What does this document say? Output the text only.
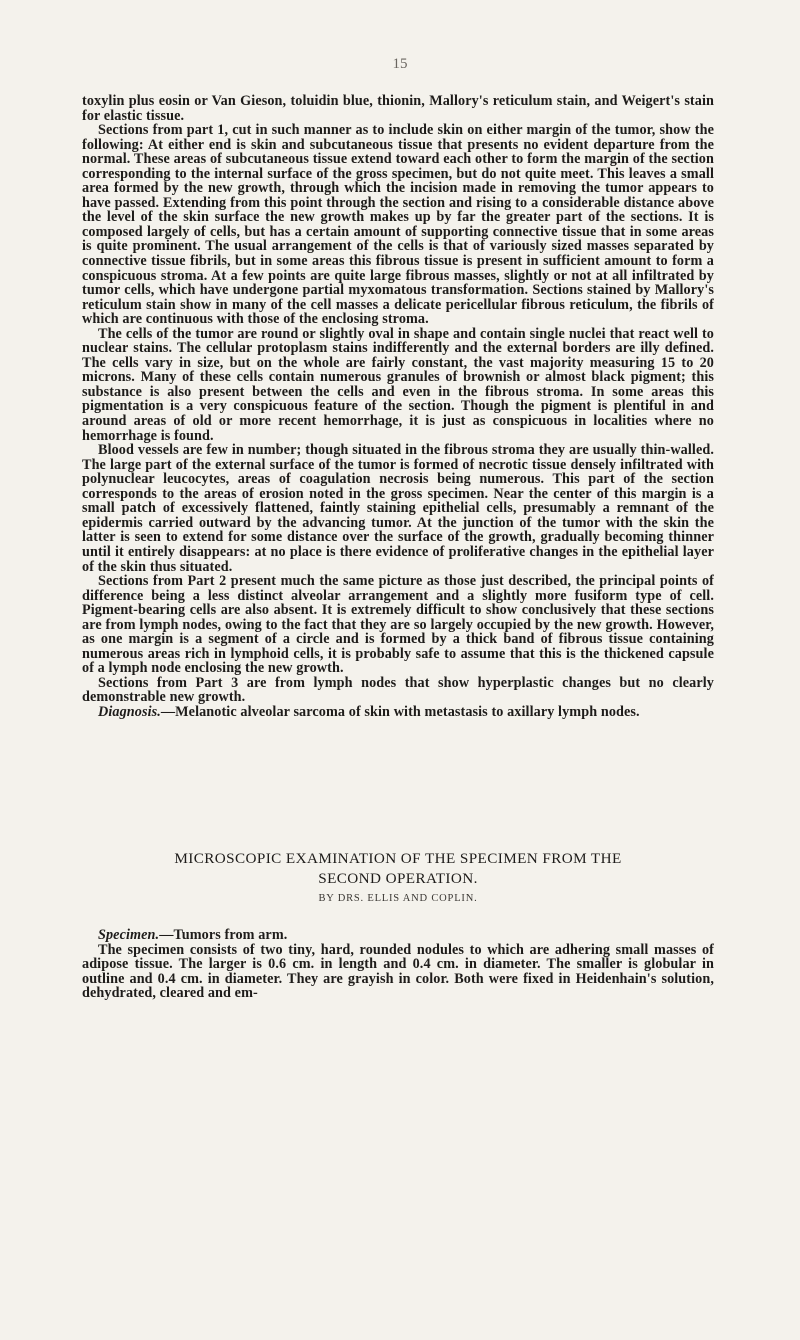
15

toxylin plus eosin or Van Gieson, toluidin blue, thionin, Mallory's reticulum stain, and Weigert's stain for elastic tissue.

Sections from part 1, cut in such manner as to include skin on either margin of the tumor, show the following: At either end is skin and subcutaneous tissue that presents no evident departure from the normal. These areas of subcutaneous tissue extend toward each other to form the margin of the section corresponding to the internal surface of the gross specimen, but do not quite meet. This leaves a small area formed by the new growth, through which the incision made in removing the tumor appears to have passed. Extending from this point through the section and rising to a considerable distance above the level of the skin surface the new growth makes up by far the greater part of the sections. It is composed largely of cells, but has a certain amount of supporting connective tissue that in some areas is quite prominent. The usual arrangement of the cells is that of variously sized masses separated by connective tissue fibrils, but in some areas this fibrous tissue is present in sufficient amount to form a conspicuous stroma. At a few points are quite large fibrous masses, slightly or not at all infiltrated by tumor cells, which have undergone partial myxomatous transformation. Sections stained by Mallory's reticulum stain show in many of the cell masses a delicate pericellular fibrous reticulum, the fibrils of which are continuous with those of the enclosing stroma.

The cells of the tumor are round or slightly oval in shape and contain single nuclei that react well to nuclear stains. The cellular protoplasm stains indifferently and the external borders are illy defined. The cells vary in size, but on the whole are fairly constant, the vast majority measuring 15 to 20 microns. Many of these cells contain numerous granules of brownish or almost black pigment; this substance is also present between the cells and even in the fibrous stroma. In some areas this pigmentation is a very conspicuous feature of the section. Though the pigment is plentiful in and around areas of old or more recent hemorrhage, it is just as conspicuous in localities where no hemorrhage is found.

Blood vessels are few in number; though situated in the fibrous stroma they are usually thin-walled. The large part of the external surface of the tumor is formed of necrotic tissue densely infiltrated with polynuclear leucocytes, areas of coagulation necrosis being numerous. This part of the section corresponds to the areas of erosion noted in the gross specimen. Near the center of this margin is a small patch of excessively flattened, faintly staining epithelial cells, presumably a remnant of the epidermis carried outward by the advancing tumor. At the junction of the tumor with the skin the latter is seen to extend for some distance over the surface of the growth, gradually becoming thinner until it entirely disappears: at no place is there evidence of proliferative changes in the epithelial layer of the skin thus situated.

Sections from Part 2 present much the same picture as those just described, the principal points of difference being a less distinct alveolar arrangement and a slightly more fusiform type of cell. Pigment-bearing cells are also absent. It is extremely difficult to show conclusively that these sections are from lymph nodes, owing to the fact that they are so largely occupied by the new growth. However, as one margin is a segment of a circle and is formed by a thick band of fibrous tissue containing numerous areas rich in lymphoid cells, it is probably safe to assume that this is the thickened capsule of a lymph node enclosing the new growth.

Sections from Part 3 are from lymph nodes that show hyperplastic changes but no clearly demonstrable new growth.

Diagnosis.—Melanotic alveolar sarcoma of skin with metastasis to axillary lymph nodes.

MICROSCOPIC EXAMINATION OF THE SPECIMEN FROM THE
SECOND OPERATION.
BY DRS. ELLIS AND COPLIN.

Specimen.—Tumors from arm.

The specimen consists of two tiny, hard, rounded nodules to which are adhering small masses of adipose tissue. The larger is 0.6 cm. in length and 0.4 cm. in diameter. The smaller is globular in outline and 0.4 cm. in diameter. They are grayish in color. Both were fixed in Heidenhain's solution, dehydrated, cleared and em-
